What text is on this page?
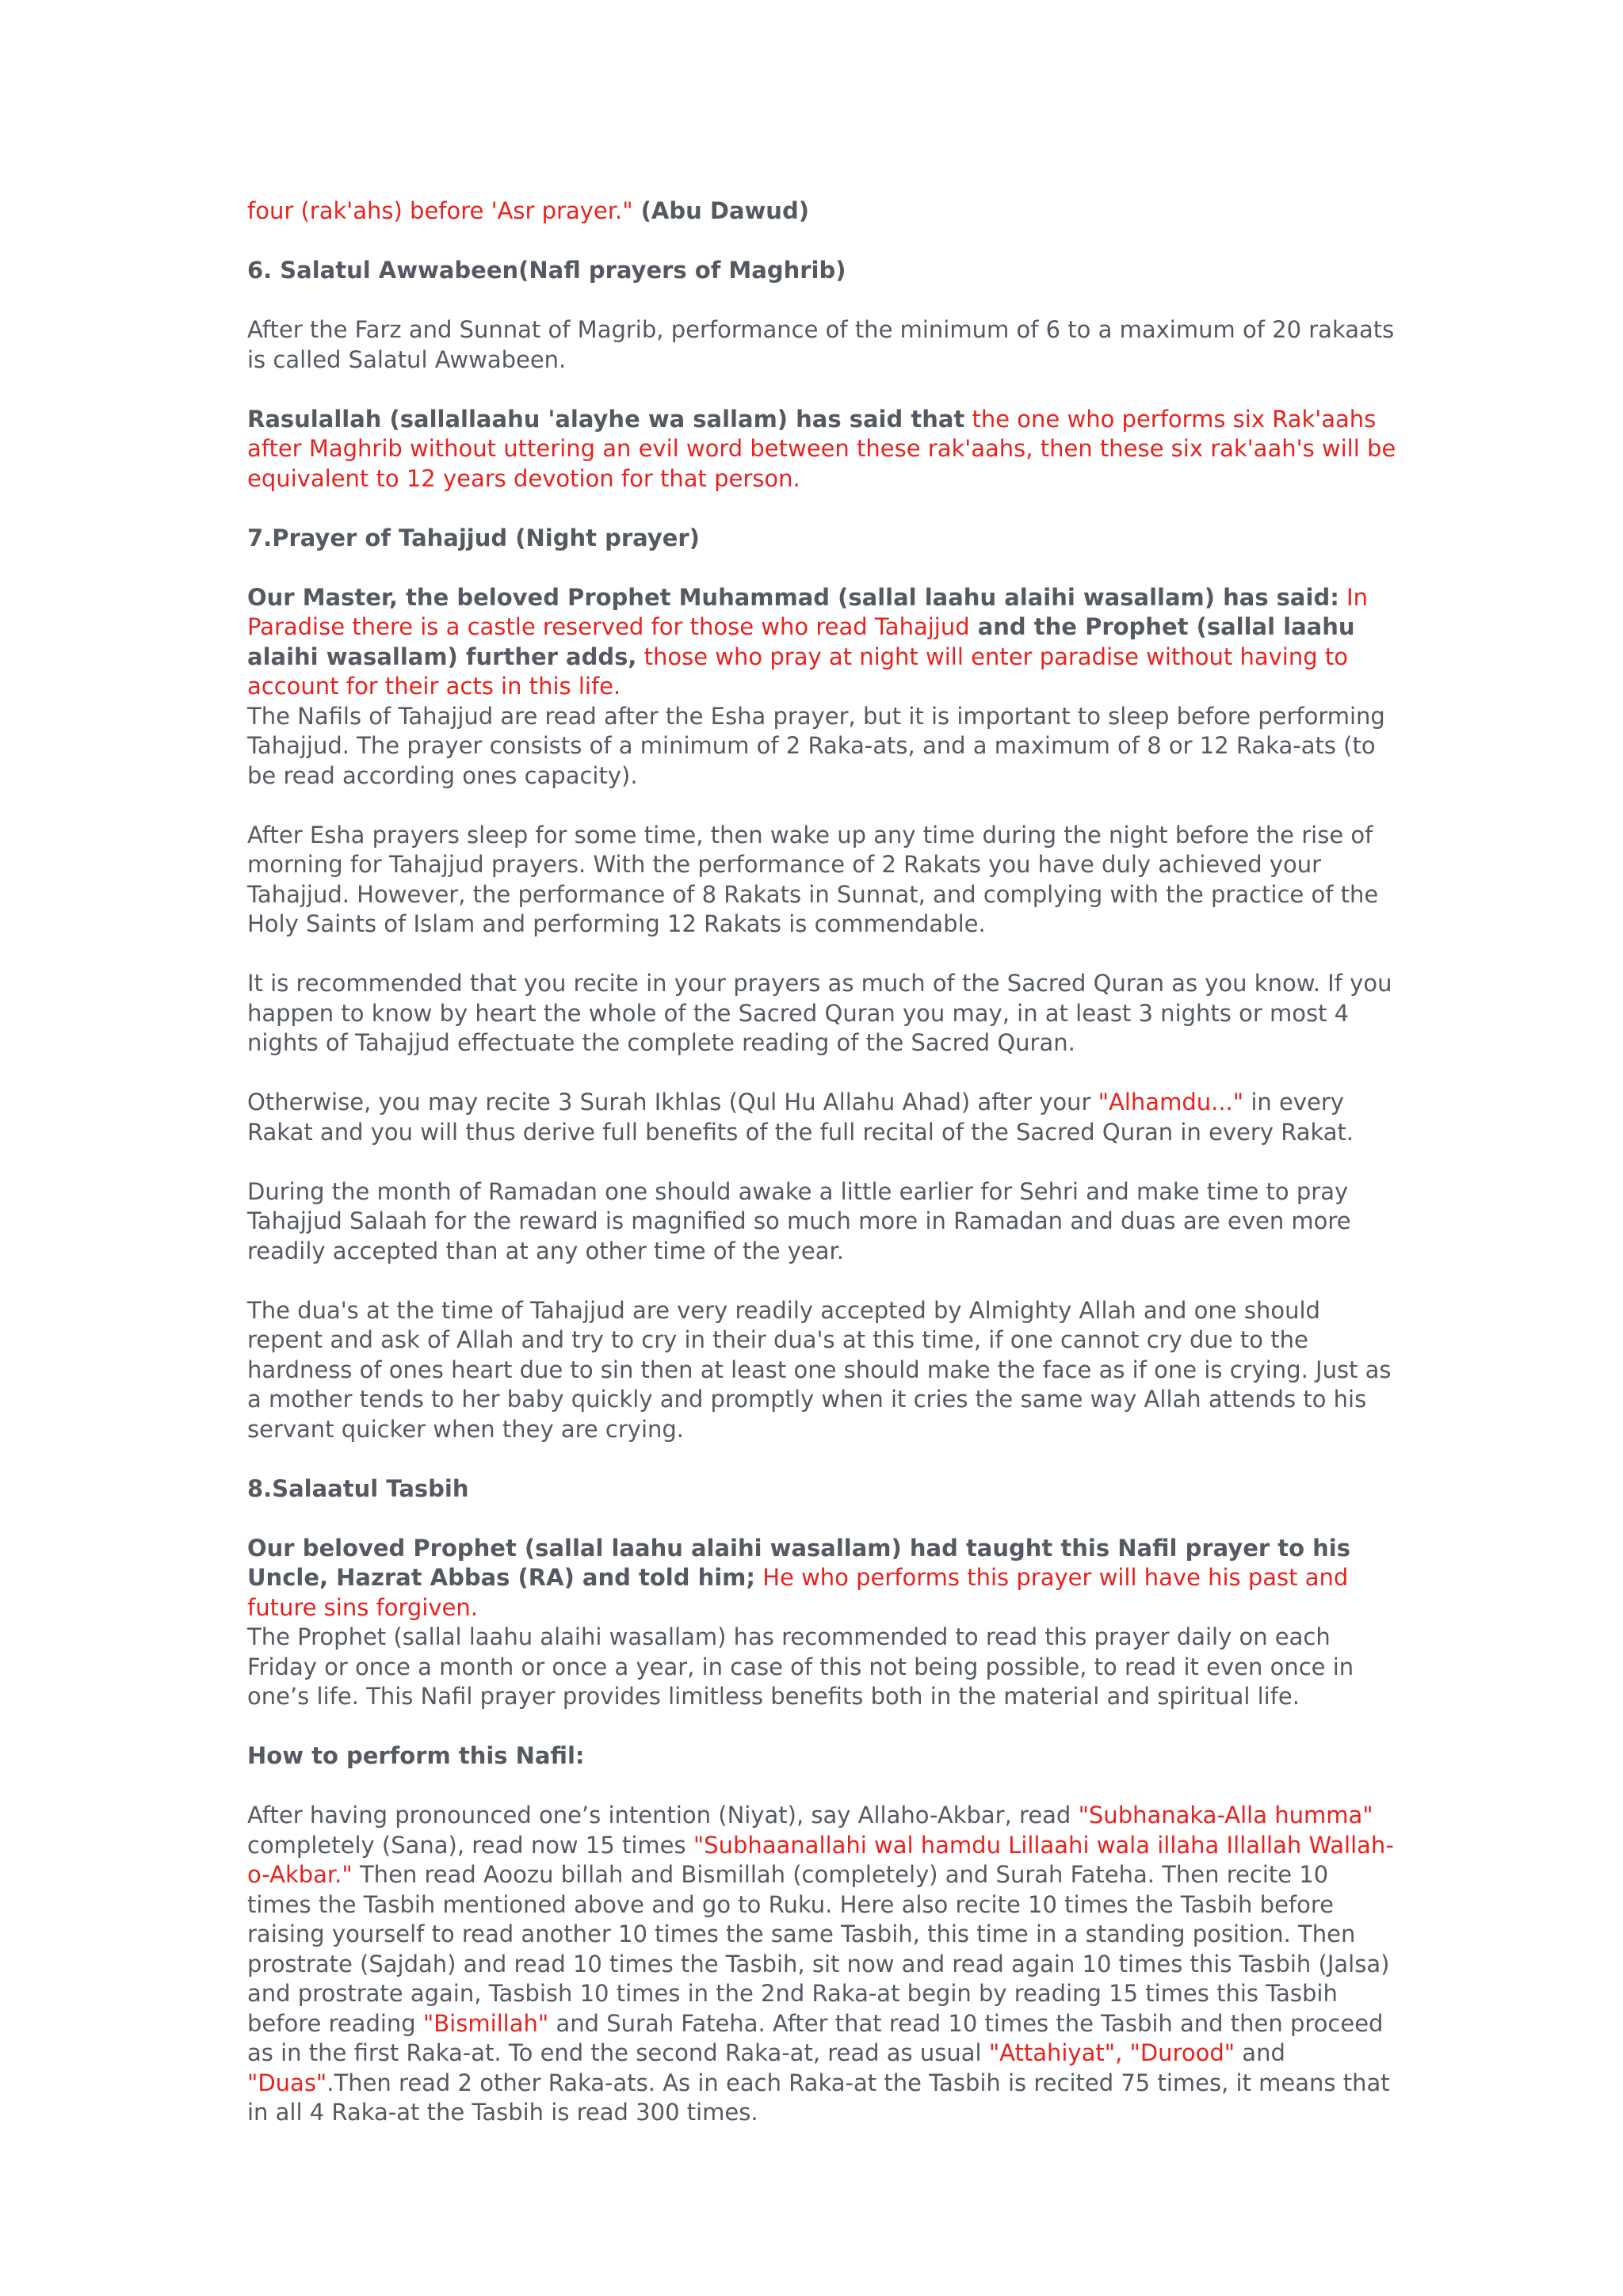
four (rak'ahs) before 'Asr prayer." (Abu Dawud)

6. Salatul Awwabeen(Nafl prayers of Maghrib)

After the Farz and Sunnat of Magrib, performance of the minimum of 6 to a maximum of 20 rakaats is called Salatul Awwabeen.

Rasulallah (sallallaahu 'alayhe wa sallam) has said that the one who performs six Rak'aahs after Maghrib without uttering an evil word between these rak'aahs, then these six rak'aah's will be equivalent to 12 years devotion for that person.

7.Prayer of Tahajjud (Night prayer)

Our Master, the beloved Prophet Muhammad (sallal laahu alaihi wasallam) has said: In Paradise there is a castle reserved for those who read Tahajjud and the Prophet (sallal laahu alaihi wasallam) further adds, those who pray at night will enter paradise without having to account for their acts in this life.

The Nafils of Tahajjud are read after the Esha prayer, but it is important to sleep before performing Tahajjud. The prayer consists of a minimum of 2 Raka-ats, and a maximum of 8 or 12 Raka-ats (to be read according ones capacity).

After Esha prayers sleep for some time, then wake up any time during the night before the rise of morning for Tahajjud prayers. With the performance of 2 Rakats you have duly achieved your Tahajjud. However, the performance of 8 Rakats in Sunnat, and complying with the practice of the Holy Saints of Islam and performing 12 Rakats is commendable.

It is recommended that you recite in your prayers as much of the Sacred Quran as you know. If you happen to know by heart the whole of the Sacred Quran you may, in at least 3 nights or most 4 nights of Tahajjud effectuate the complete reading of the Sacred Quran.

Otherwise, you may recite 3 Surah Ikhlas (Qul Hu Allahu Ahad) after your "Alhamdu..." in every Rakat and you will thus derive full benefits of the full recital of the Sacred Quran in every Rakat.

During the month of Ramadan one should awake a little earlier for Sehri and make time to pray Tahajjud Salaah for the reward is magnified so much more in Ramadan and duas are even more readily accepted than at any other time of the year.

The dua's at the time of Tahajjud are very readily accepted by Almighty Allah and one should repent and ask of Allah and try to cry in their dua's at this time, if one cannot cry due to the hardness of ones heart due to sin then at least one should make the face as if one is crying. Just as a mother tends to her baby quickly and promptly when it cries the same way Allah attends to his servant quicker when they are crying.

8.Salaatul Tasbih

Our beloved Prophet (sallal laahu alaihi wasallam) had taught this Nafil prayer to his Uncle, Hazrat Abbas (RA) and told him; He who performs this prayer will have his past and future sins forgiven.

The Prophet (sallal laahu alaihi wasallam) has recommended to read this prayer daily on each Friday or once a month or once a year, in case of this not being possible, to read it even once in one’s life. This Nafil prayer provides limitless benefits both in the material and spiritual life.

How to perform this Nafil:

After having pronounced one’s intention (Niyat), say Allaho-Akbar, read "Subhanaka-Alla humma" completely (Sana), read now 15 times "Subhaanallahi wal hamdu Lillaahi wala illaha Illallah Wallah-o-Akbar." Then read Aoozu billah and Bismillah (completely) and Surah Fateha. Then recite 10 times the Tasbih mentioned above and go to Ruku. Here also recite 10 times the Tasbih before raising yourself to read another 10 times the same Tasbih, this time in a standing position. Then prostrate (Sajdah) and read 10 times the Tasbih, sit now and read again 10 times this Tasbih (Jalsa) and prostrate again, Tasbish 10 times in the 2nd Raka-at begin by reading 15 times this Tasbih before reading "Bismillah" and Surah Fateha. After that read 10 times the Tasbih and then proceed as in the first Raka-at. To end the second Raka-at, read as usual "Attahiyat", "Durood" and "Duas".Then read 2 other Raka-ats. As in each Raka-at the Tasbih is recited 75 times, it means that in all 4 Raka-at the Tasbih is read 300 times.
